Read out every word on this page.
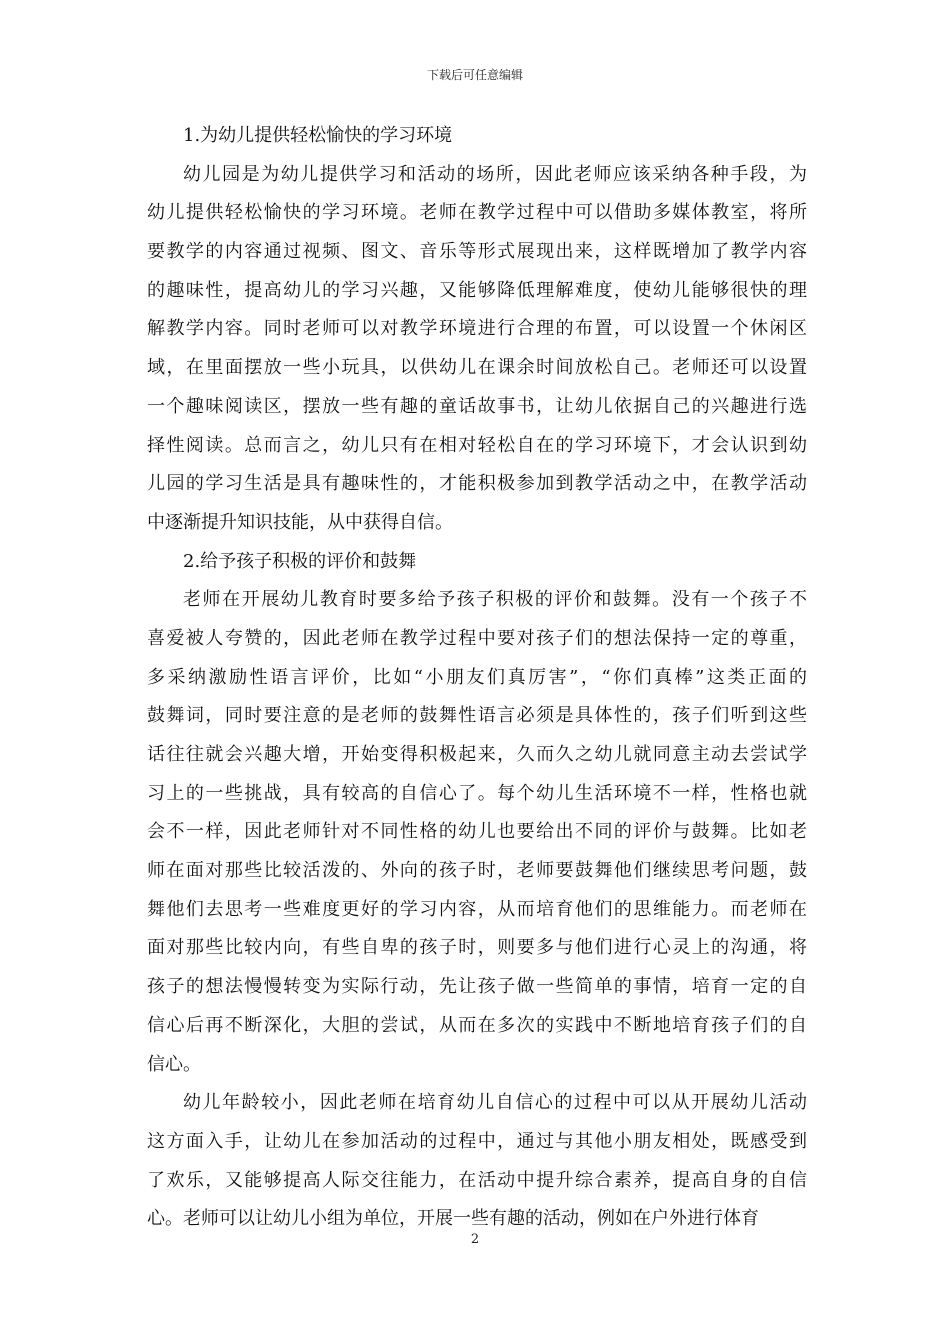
下载后可任意编辑
1.为幼儿提供轻松愉快的学习环境
幼儿园是为幼儿提供学习和活动的场所，因此老师应该采纳各种手段，为
幼儿提供轻松愉快的学习环境。老师在教学过程中可以借助多媒体教室，将所
要教学的内容通过视频、图文、音乐等形式展现出来，这样既增加了教学内容
的趣味性，提高幼儿的学习兴趣，又能够降低理解难度，使幼儿能够很快的理
解教学内容。同时老师可以对教学环境进行合理的布置，可以设置一个休闲区
域，在里面摆放一些小玩具，以供幼儿在课余时间放松自己。老师还可以设置
一个趣味阅读区，摆放一些有趣的童话故事书，让幼儿依据自己的兴趣进行选
择性阅读。总而言之，幼儿只有在相对轻松自在的学习环境下，才会认识到幼
儿园的学习生活是具有趣味性的，才能积极参加到教学活动之中，在教学活动
中逐渐提升知识技能，从中获得自信。
2.给予孩子积极的评价和鼓舞
老师在开展幼儿教育时要多给予孩子积极的评价和鼓舞。没有一个孩子不
喜爱被人夸赞的，因此老师在教学过程中要对孩子们的想法保持一定的尊重，
多采纳激励性语言评价，比如“小朋友们真厉害”，“你们真棒”这类正面的
鼓舞词，同时要注意的是老师的鼓舞性语言必须是具体性的，孩子们听到这些
话往往就会兴趣大增，开始变得积极起来，久而久之幼儿就同意主动去尝试学
习上的一些挑战，具有较高的自信心了。每个幼儿生活环境不一样，性格也就
会不一样，因此老师针对不同性格的幼儿也要给出不同的评价与鼓舞。比如老
师在面对那些比较活泼的、外向的孩子时，老师要鼓舞他们继续思考问题，鼓
舞他们去思考一些难度更好的学习内容，从而培育他们的思维能力。而老师在
面对那些比较内向，有些自卑的孩子时，则要多与他们进行心灵上的沟通，将
孩子的想法慢慢转变为实际行动，先让孩子做一些简单的事情，培育一定的自
信心后再不断深化，大胆的尝试，从而在多次的实践中不断地培育孩子们的自
信心。
幼儿年龄较小，因此老师在培育幼儿自信心的过程中可以从开展幼儿活动
这方面入手，让幼儿在参加活动的过程中，通过与其他小朋友相处，既感受到
了欢乐，又能够提高人际交往能力，在活动中提升综合素养，提高自身的自信
心。老师可以让幼儿小组为单位，开展一些有趣的活动，例如在户外进行体育
2
